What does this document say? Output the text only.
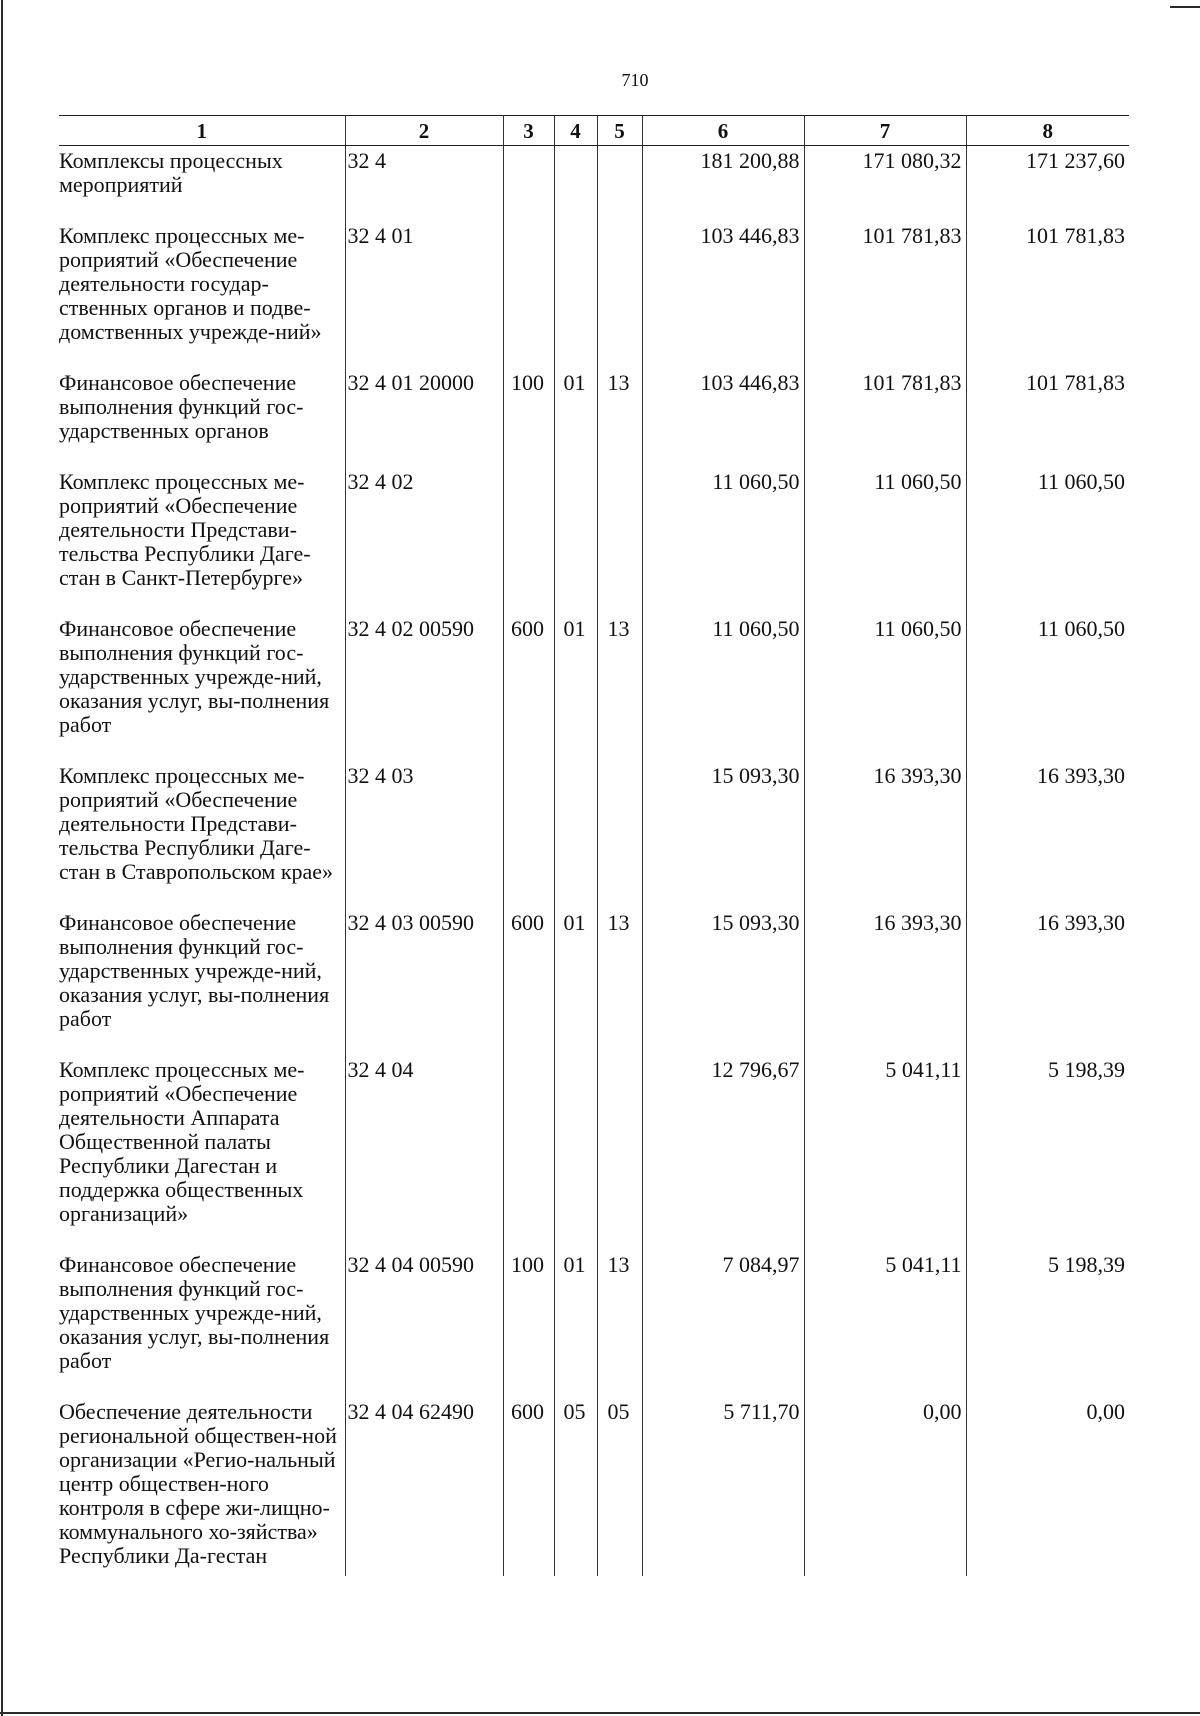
710
1	2	3	4	5	6	7	8
Комплексы процессных мероприятий	32 4				181 200,88	171 080,32	171 237,60
Комплекс процессных ме-роприятий «Обеспечение деятельности государ-ственных органов и подве-домственных учрежде-ний»	32 4 01				103 446,83	101 781,83	101 781,83
Финансовое обеспечение выполнения функций гос-ударственных органов	32 4 01 20000	100	01	13	103 446,83	101 781,83	101 781,83
Комплекс процессных ме-роприятий «Обеспечение деятельности Представи-тельства Республики Даге-стан в Санкт-Петербурге»	32 4 02				11 060,50	11 060,50	11 060,50
Финансовое обеспечение выполнения функций гос-ударственных учрежде-ний, оказания услуг, вы-полнения работ	32 4 02 00590	600	01	13	11 060,50	11 060,50	11 060,50
Комплекс процессных ме-роприятий «Обеспечение деятельности Представи-тельства Республики Даге-стан в Ставропольском крае»	32 4 03				15 093,30	16 393,30	16 393,30
Финансовое обеспечение выполнения функций гос-ударственных учрежде-ний, оказания услуг, вы-полнения работ	32 4 03 00590	600	01	13	15 093,30	16 393,30	16 393,30
Комплекс процессных ме-роприятий «Обеспечение деятельности Аппарата Общественной палаты Республики Дагестан и поддержка общественных организаций»	32 4 04				12 796,67	5 041,11	5 198,39
Финансовое обеспечение выполнения функций гос-ударственных учрежде-ний, оказания услуг, вы-полнения работ	32 4 04 00590	100	01	13	7 084,97	5 041,11	5 198,39
Обеспечение деятельности региональной обществен-ной организации «Регио-нальный центр обществен-ного контроля в сфере жи-лищно-коммунального хо-зяйства» Республики Да-гестан	32 4 04 62490	600	05	05	5 711,70	0,00	0,00
